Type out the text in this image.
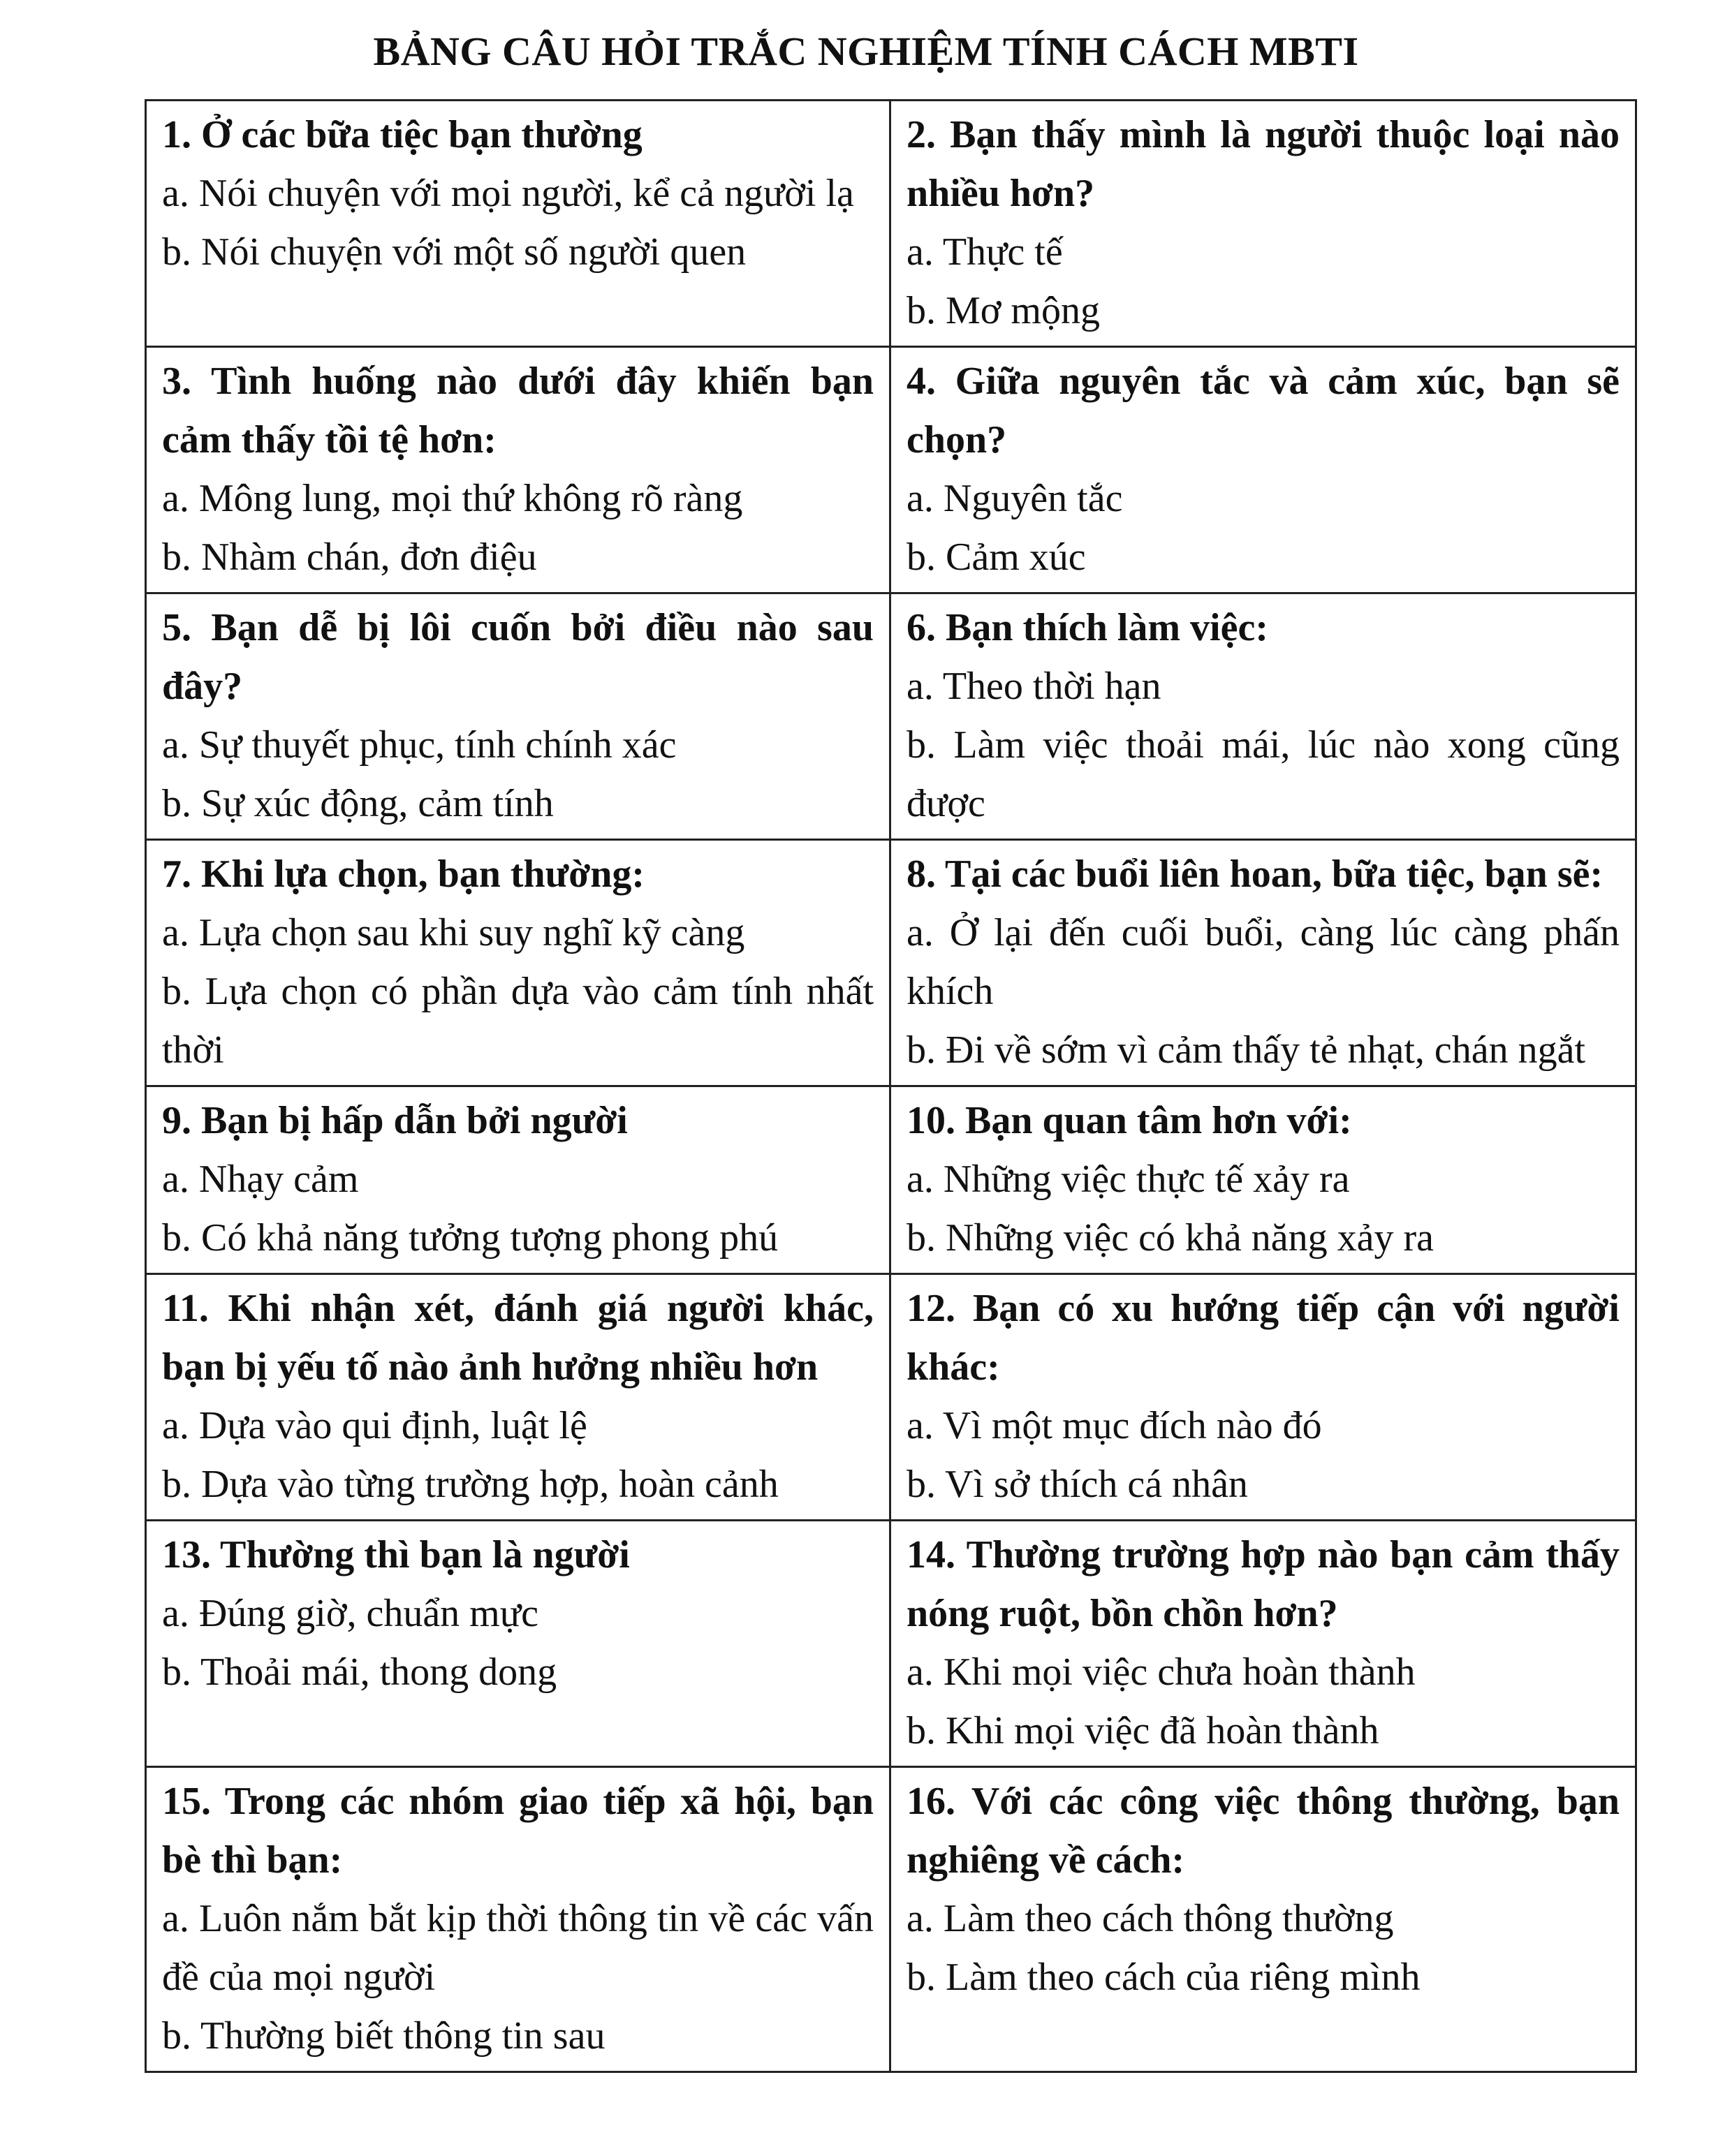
BẢNG CÂU HỎI TRẮC NGHIỆM TÍNH CÁCH MBTI
1. Ở các bữa tiệc bạn thường
a. Nói chuyện với mọi người, kể cả người lạ
b. Nói chuyện với một số người quen	2. Bạn thấy mình là người thuộc loại nào nhiều hơn?
a. Thực tế
b. Mơ mộng

3. Tình huống nào dưới đây khiến bạn cảm thấy tồi tệ hơn:
a. Mông lung, mọi thứ không rõ ràng
b. Nhàm chán, đơn điệu	4. Giữa nguyên tắc và cảm xúc, bạn sẽ chọn?
a. Nguyên tắc
b. Cảm xúc

5. Bạn dễ bị lôi cuốn bởi điều nào sau đây?
a. Sự thuyết phục, tính chính xác
b. Sự xúc động, cảm tính	6. Bạn thích làm việc:
a. Theo thời hạn
b. Làm việc thoải mái, lúc nào xong cũng được

7. Khi lựa chọn, bạn thường:
a. Lựa chọn sau khi suy nghĩ kỹ càng
b. Lựa chọn có phần dựa vào cảm tính nhất thời	8. Tại các buổi liên hoan, bữa tiệc, bạn sẽ:
a. Ở lại đến cuối buổi, càng lúc càng phấn khích
b. Đi về sớm vì cảm thấy tẻ nhạt, chán ngắt

9. Bạn bị hấp dẫn bởi người
a. Nhạy cảm
b. Có khả năng tưởng tượng phong phú	10. Bạn quan tâm hơn với:
a. Những việc thực tế xảy ra
b. Những việc có khả năng xảy ra

11. Khi nhận xét, đánh giá người khác, bạn bị yếu tố nào ảnh hưởng nhiều hơn
a. Dựa vào qui định, luật lệ
b. Dựa vào từng trường hợp, hoàn cảnh	12. Bạn có xu hướng tiếp cận với người khác:
a. Vì một mục đích nào đó
b. Vì sở thích cá nhân

13. Thường thì bạn là người
a. Đúng giờ, chuẩn mực
b. Thoải mái, thong dong	14. Thường trường hợp nào bạn cảm thấy nóng ruột, bồn chồn hơn?
a. Khi mọi việc chưa hoàn thành
b. Khi mọi việc đã hoàn thành

15. Trong các nhóm giao tiếp xã hội, bạn bè thì bạn:
a. Luôn nắm bắt kịp thời thông tin về các vấn đề của mọi người
b. Thường biết thông tin sau	16. Với các công việc thông thường, bạn nghiêng về cách:
a. Làm theo cách thông thường
b. Làm theo cách của riêng mình
